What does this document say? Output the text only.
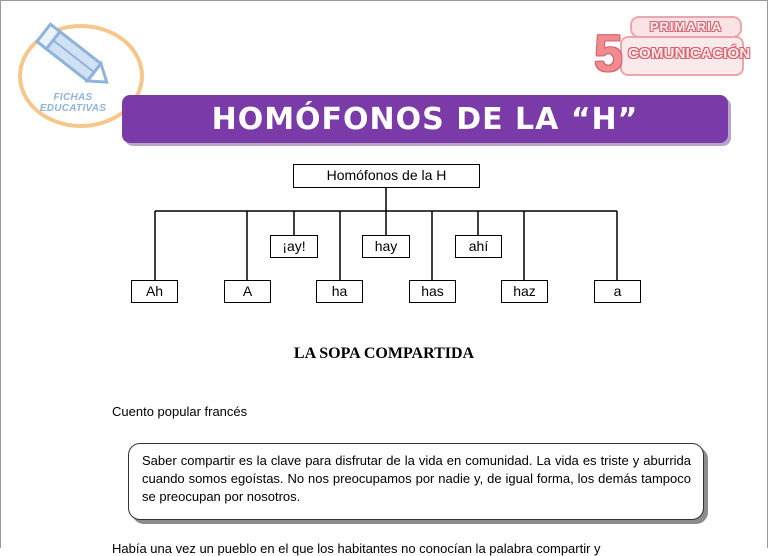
FICHAS
EDUCATIVAS
PRIMARIA
5 COMUNICACIÓN
HOMÓFONOS DE LA “H”
Homófonos de la H
¡ay!	hay	ahí
Ah	A	ha	has	haz	a
LA SOPA COMPARTIDA
Cuento popular francés
Saber compartir es la clave para disfrutar de la vida en comunidad. La vida es triste y aburrida cuando somos egoístas. No nos preocupamos por nadie y, de igual forma, los demás tampoco se preocupan por nosotros.
Había una vez un pueblo en el que los habitantes no conocían la palabra compartir y
